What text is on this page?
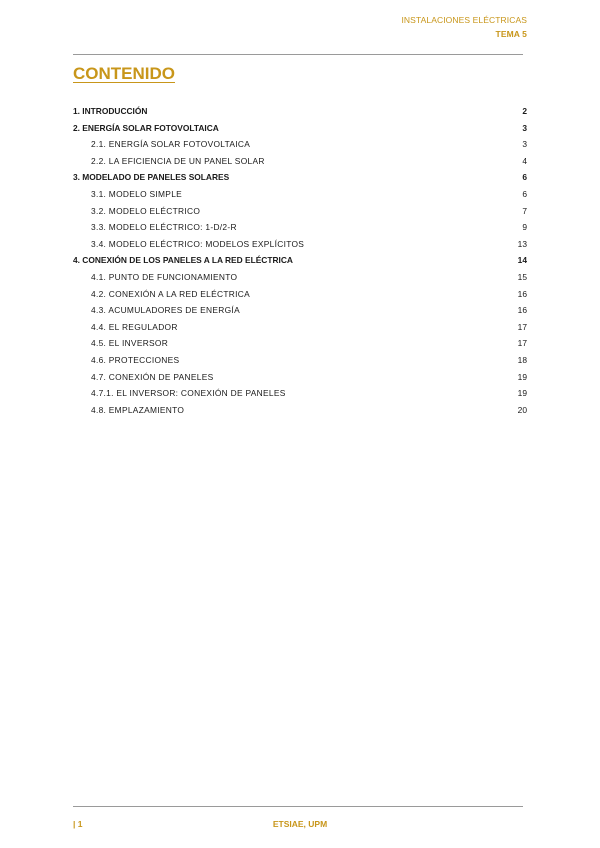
INSTALACIONES ELÉCTRICAS
TEMA 5
CONTENIDO
1. INTRODUCCIÓN	2
2. ENERGÍA SOLAR FOTOVOLTAICA	3
2.1. ENERGÍA SOLAR FOTOVOLTAICA	3
2.2. LA EFICIENCIA DE UN PANEL SOLAR	4
3. MODELADO DE PANELES SOLARES	6
3.1. MODELO SIMPLE	6
3.2. MODELO ELÉCTRICO	7
3.3. MODELO ELÉCTRICO: 1-D/2-R	9
3.4. MODELO ELÉCTRICO: MODELOS EXPLÍCITOS	13
4. CONEXIÓN DE LOS PANELES A LA RED ELÉCTRICA	14
4.1. PUNTO DE FUNCIONAMIENTO	15
4.2. CONEXIÓN A LA RED ELÉCTRICA	16
4.3. ACUMULADORES DE ENERGÍA	16
4.4. EL REGULADOR	17
4.5. EL INVERSOR	17
4.6. PROTECCIONES	18
4.7. CONEXIÓN DE PANELES	19
4.7.1. EL INVERSOR: CONEXIÓN DE PANELES	19
4.8. EMPLAZAMIENTO	20
| 1	ETSIAE, UPM
